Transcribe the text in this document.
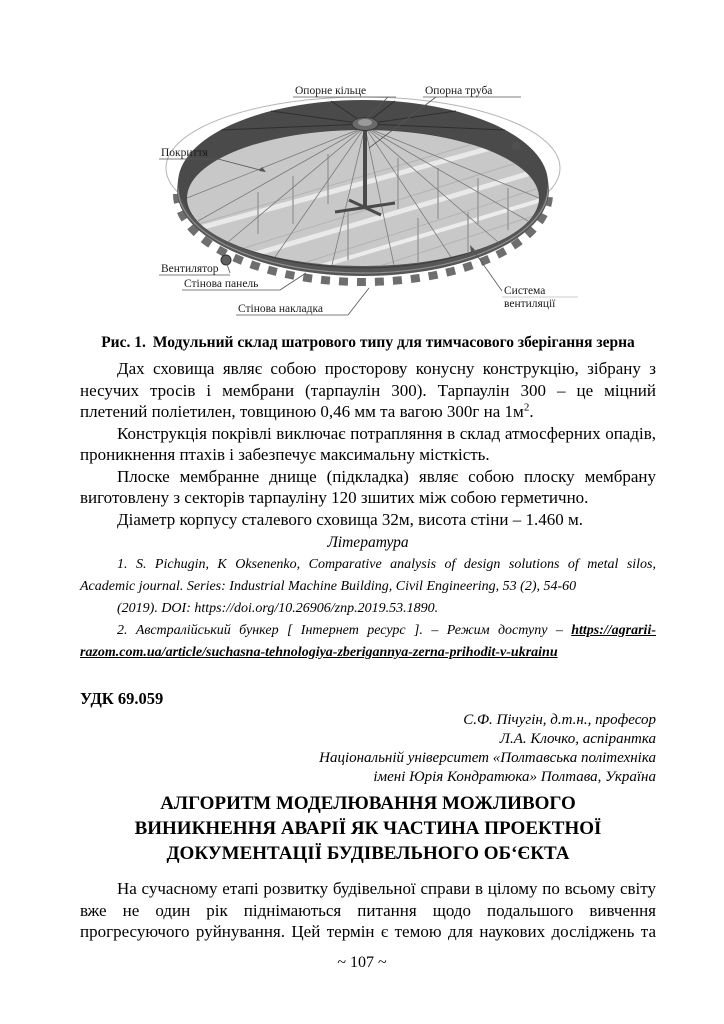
Опорне кільце	Опорна труба
Покриття
Вентилятор
Стінова панель
Стінова накладка
Система
вентиляції
Рис. 1. Модульний склад шатрового типу для тимчасового зберігання зерна

Дах сховища являє собою просторову конусну конструкцію, зібрану з несучих тросів і мембрани (тарпаулін 300). Тарпаулін 300 – це міцний плетений поліетилен, товщиною 0,46 мм та вагою 300г на $1м^2$.

Конструкція покрівлі виключає потрапляння в склад атмосферних опадів, проникнення птахів і забезпечує максимальну місткість.

Плоске мембранне днище (підкладка) являє собою плоску мембрану виготовлену з секторів тарпауліну 120 зшитих між собою герметично.

Діаметр корпусу сталевого сховища 32м, висота стіни – 1.460 м.

Література
1. S. Pichugin, K Oksenenko, Comparative analysis of design solutions of metal silos,
Academic journal. Series: Industrial Machine Building, Civil Engineering, 53 (2), 54-60
(2019). DOI: https://doi.org/10.26906/znp.2019.53.1890.
2. Австралійський бункер [ Інтернет ресурс ]. – Режим доступу – https://agrarii-
razom.com.ua/article/suchasna-tehnologiya-zberigannya-zerna-prihodit-v-ukrainu
УДК 69.059
С.Ф. Пічугін, д.т.н., професор
Л.А. Клочко, аспірантка
Національній університет «Полтавська політехніка
імені Юрія Кондратюка» Полтава, Україна
АЛГОРИТМ МОДЕЛЮВАННЯ МОЖЛИВОГО
ВИНИКНЕННЯ АВАРІЇ ЯК ЧАСТИНА ПРОЕКТНОЇ
ДОКУМЕНТАЦІЇ БУДІВЕЛЬНОГО ОБ‘ЄКТА

На сучасному етапі розвитку будівельної справи в цілому по всьому світу вже не один рік піднімаються питання щодо подальшого вивчення прогресуючого руйнування. Цей термін є темою для наукових досліджень та

~ 107 ~
